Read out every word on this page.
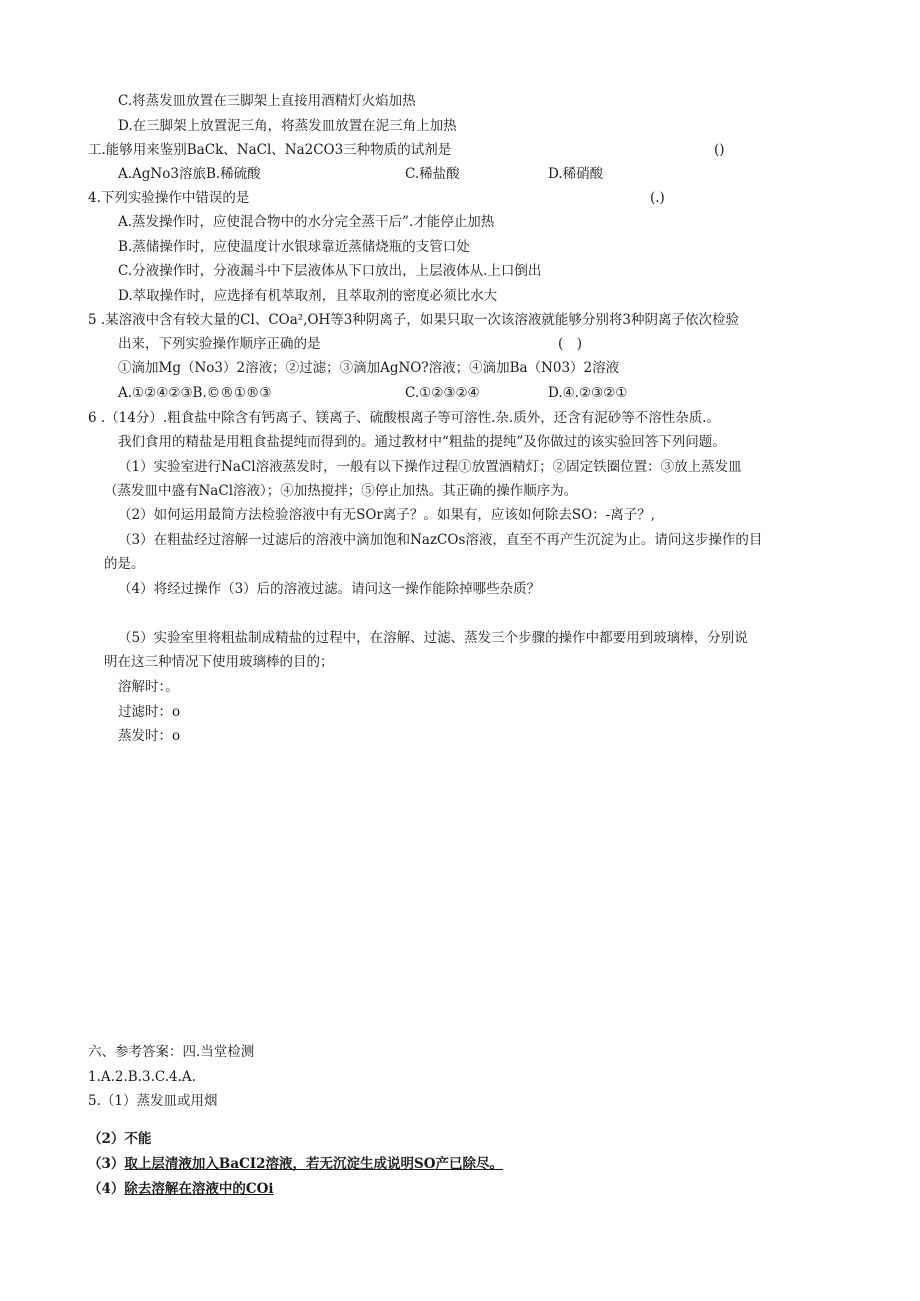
C.将蒸发皿放置在三脚架上直接用酒精灯火焰加热
D.在三脚架上放置泥三角，将蒸发皿放置在泥三角上加热
工.能够用来鉴别BaCk、NaCl、Na2CO3三种物质的试剂是	()
A.AgNo3溶旅B.稀硫酸	C.稀盐酸	D.稀硝酸
4.下列实验操作中错误的是	(.)
A.蒸发操作时，应使混合物中的水分完全蒸干后”.才能停止加热
B.蒸储操作时，应使温度计水银球靠近蒸储烧瓶的支管口处
C.分液操作时，分液漏斗中下层液体从下口放出，上层液体从.上口倒出
D.萃取操作时，应选择有机萃取剂，且萃取剂的密度必须比水大
5 .某溶液中含有较大量的Cl、COa²,OH等3种阴离子，如果只取一次该溶液就能够分别将3种阴离子依次检验
出来，下列实验操作顺序正确的是	(　)
①滴加Mg（No3）2溶液；②过滤；③滴加AgNO?溶液；④滴加Ba（N03）2溶液
A.①②④②③B.©®①®③	C.①②③②④	D.④.②③②①
6 .（14分）.粗食盐中除含有钙离子、镁离子、硫酸根离子等可溶性.杂.质外，还含有泥砂等不溶性杂质.。
我们食用的精盐是用粗食盐提纯而得到的。通过教材中“粗盐的提纯”及你做过的该实验回答下列问题。
（1）实验室进行NaCl溶液蒸发时，一般有以下操作过程①放置酒精灯；②固定铁圈位置：③放上蒸发皿
（蒸发皿中盛有NaCl溶液）；④加热搅拌；⑤停止加热。其正确的操作顺序为。
（2）如何运用最简方法检验溶液中有无SOr离子？。如果有，应该如何除去SO：-离子？,
（3）在粗盐经过溶解一过滤后的溶液中滴加饱和NazCOs溶液，直至不再产生沉淀为止。请问这步操作的目
的是。
（4）将经过操作（3）后的溶液过滤。请问这一操作能除掉哪些杂质？
（5）实验室里将粗盐制成精盐的过程中，在溶解、过滤、蒸发三个步骤的操作中都要用到玻璃棒，分别说
明在这三种情况下使用玻璃棒的目的；
溶解时：。
过滤时：o
蒸发时：o
六、参考答案：四.当堂检测
1.A.2.B.3.C.4.A.
5.（1）蒸发皿或用烟
（2）不能
（3）取上层清液加入BaCI2溶液，若无沉淀生成说明SO产已除尽。
（4）除去溶解在溶液中的COi
